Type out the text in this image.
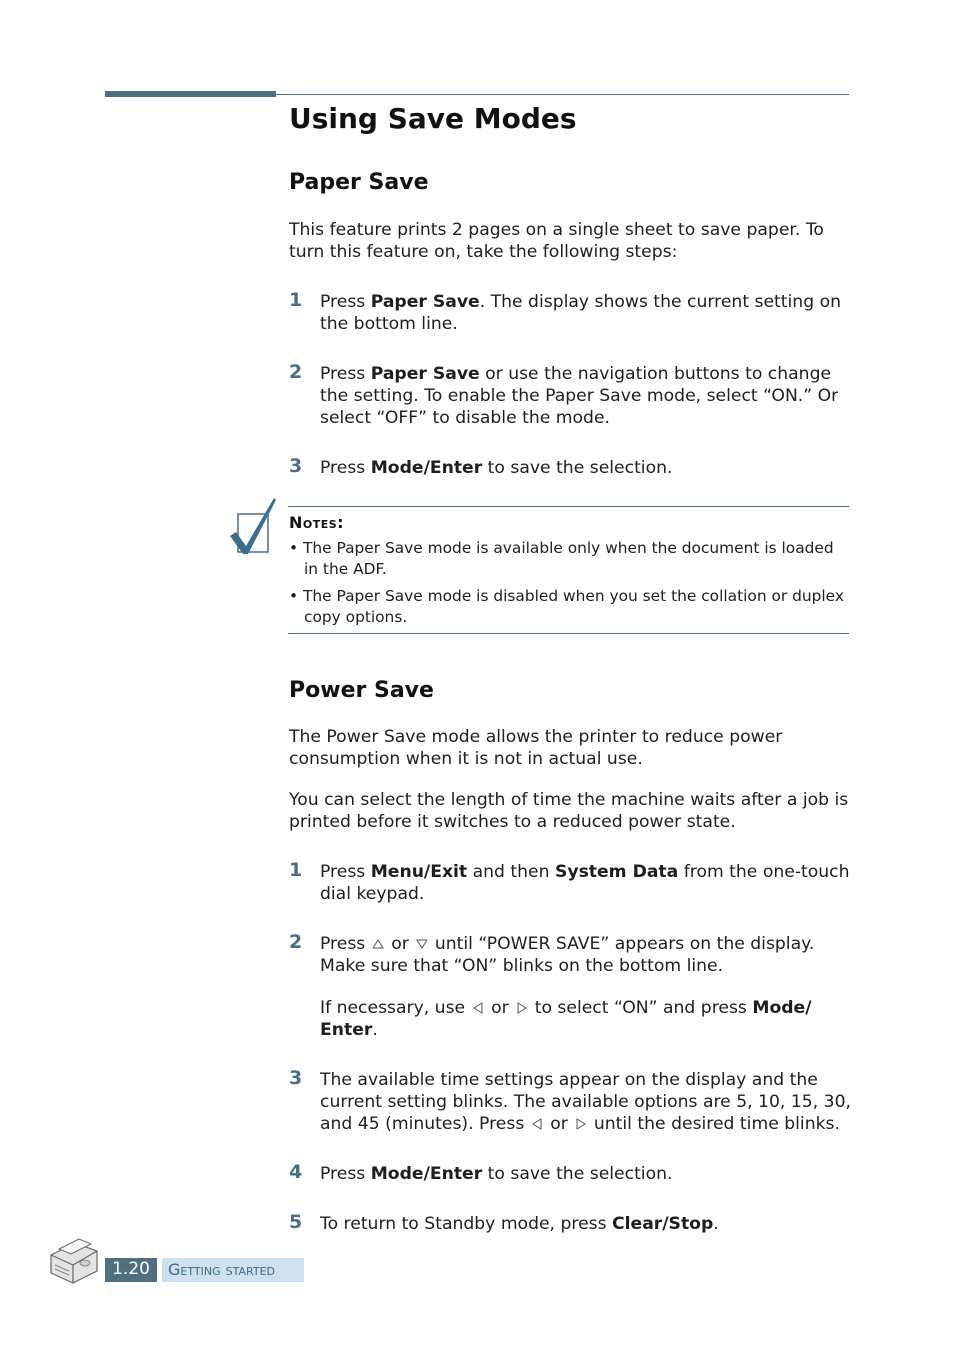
Using Save Modes
Paper Save
This feature prints 2 pages on a single sheet to save paper. To turn this feature on, take the following steps:
1 Press Paper Save. The display shows the current setting on the bottom line.
2 Press Paper Save or use the navigation buttons to change the setting. To enable the Paper Save mode, select “ON.” Or select “OFF” to disable the mode.
3 Press Mode/Enter to save the selection.
Notes:
• The Paper Save mode is available only when the document is loaded in the ADF.
• The Paper Save mode is disabled when you set the collation or duplex copy options.
Power Save
The Power Save mode allows the printer to reduce power consumption when it is not in actual use.
You can select the length of time the machine waits after a job is printed before it switches to a reduced power state.
1 Press Menu/Exit and then System Data from the one-touch dial keypad.
2 Press or until “POWER SAVE” appears on the display. Make sure that “ON” blinks on the bottom line.
If necessary, use or to select “ON” and press Mode/ Enter.
3 The available time settings appear on the display and the current setting blinks. The available options are 5, 10, 15, 30, and 45 (minutes). Press or until the desired time blinks.
4 Press Mode/Enter to save the selection.
5 To return to Standby mode, press Clear/Stop.
1.20	Getting started
